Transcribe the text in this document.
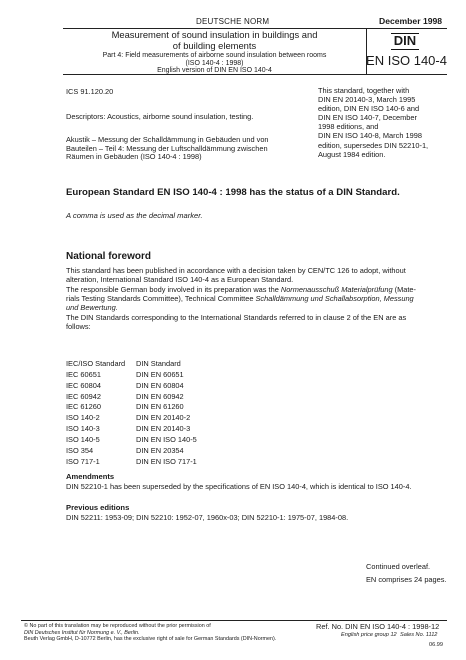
DEUTSCHE NORM	December 1998
Measurement of sound insulation in buildings and
of building elements
Part 4: Field measurements of airborne sound insulation between rooms
(ISO 140-4 : 1998)
English version of DIN EN ISO 140-4
DIN
EN ISO 140-4
ICS 91.120.20
Descriptors: Acoustics, airborne sound insulation, testing.
Akustik – Messung der Schalldämmung in Gebäuden und von
Bauteilen – Teil 4: Messung der Luftschalldämmung zwischen
Räumen in Gebäuden (ISO 140-4 : 1998)
This standard, together with
DIN EN 20140-3, March 1995
edition, DIN EN ISO 140-6 and
DIN EN ISO 140-7, December
1998 editions, and
DIN EN ISO 140-8, March 1998
edition, supersedes DIN 52210-1,
August 1984 edition.
European Standard EN ISO 140-4 : 1998 has the status of a DIN Standard.
A comma is used as the decimal marker.
National foreword
This standard has been published in accordance with a decision taken by CEN/TC 126 to adopt, without
alteration, International Standard ISO 140-4 as a European Standard.
The responsible German body involved in its preparation was the Normenausschuß Materialprüfung (Mate-
rials Testing Standards Committee), Technical Committee Schalldämmung und Schallabsorption, Messung
und Bewertung.
The DIN Standards corresponding to the International Standards referred to in clause 2 of the EN are as
follows:
IEC/ISO Standard	DIN Standard
IEC 60651	DIN EN 60651
IEC 60804	DIN EN 60804
IEC 60942	DIN EN 60942
IEC 61260	DIN EN 61260
ISO 140-2	DIN EN 20140-2
ISO 140-3	DIN EN 20140-3
ISO 140-5	DIN EN ISO 140-5
ISO 354	DIN EN 20354
ISO 717-1	DIN EN ISO 717-1
Amendments
DIN 52210-1 has been superseded by the specifications of EN ISO 140-4, which is identical to ISO 140-4.
Previous editions
DIN 52211: 1953-09; DIN 52210: 1952-07, 1960x-03; DIN 52210-1: 1975-07, 1984-08.
Continued overleaf.
EN comprises 24 pages.
© No part of this translation may be reproduced without the prior permission of
DIN Deutsches Institut für Normung e. V., Berlin.
Beuth Verlag GmbH, D-10772 Berlin, has the exclusive right of sale for German Standards (DIN-Normen).
Ref. No. DIN EN ISO 140-4 : 1998-12
English price group 12 Sales No. 1112
06.99
